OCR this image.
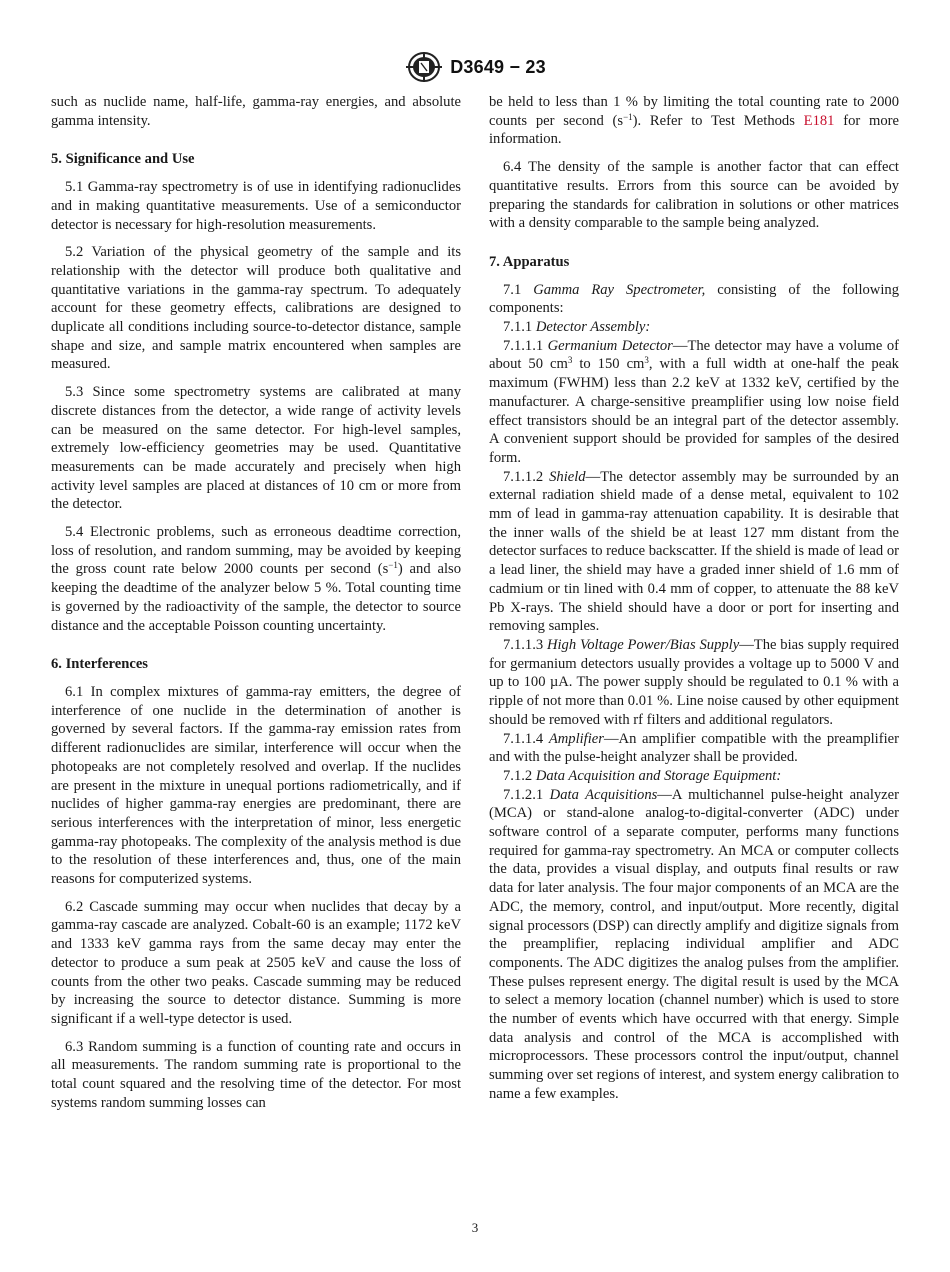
D3649 − 23

such as nuclide name, half-life, gamma-ray energies, and absolute gamma intensity.

5. Significance and Use

5.1 Gamma-ray spectrometry is of use in identifying radionuclides and in making quantitative measurements. Use of a semiconductor detector is necessary for high-resolution measurements.

5.2 Variation of the physical geometry of the sample and its relationship with the detector will produce both qualitative and quantitative variations in the gamma-ray spectrum. To adequately account for these geometry effects, calibrations are designed to duplicate all conditions including source-to-detector distance, sample shape and size, and sample matrix encountered when samples are measured.

5.3 Since some spectrometry systems are calibrated at many discrete distances from the detector, a wide range of activity levels can be measured on the same detector. For high-level samples, extremely low-efficiency geometries may be used. Quantitative measurements can be made accurately and precisely when high activity level samples are placed at distances of 10 cm or more from the detector.

5.4 Electronic problems, such as erroneous deadtime correction, loss of resolution, and random summing, may be avoided by keeping the gross count rate below 2000 counts per second $(s^{-1})$ and also keeping the deadtime of the analyzer below 5 %. Total counting time is governed by the radioactivity of the sample, the detector to source distance and the acceptable Poisson counting uncertainty.

6. Interferences

6.1 In complex mixtures of gamma-ray emitters, the degree of interference of one nuclide in the determination of another is governed by several factors. If the gamma-ray emission rates from different radionuclides are similar, interference will occur when the photopeaks are not completely resolved and overlap. If the nuclides are present in the mixture in unequal portions radiometrically, and if nuclides of higher gamma-ray energies are predominant, there are serious interferences with the interpretation of minor, less energetic gamma-ray photopeaks. The complexity of the analysis method is due to the resolution of these interferences and, thus, one of the main reasons for computerized systems.

6.2 Cascade summing may occur when nuclides that decay by a gamma-ray cascade are analyzed. Cobalt-60 is an example; 1172 keV and 1333 keV gamma rays from the same decay may enter the detector to produce a sum peak at 2505 keV and cause the loss of counts from the other two peaks. Cascade summing may be reduced by increasing the source to detector distance. Summing is more significant if a well-type detector is used.

6.3 Random summing is a function of counting rate and occurs in all measurements. The random summing rate is proportional to the total count squared and the resolving time of the detector. For most systems random summing losses can

be held to less than 1 % by limiting the total counting rate to 2000 counts per second $(s^{-1})$. Refer to Test Methods E181 for more information.

6.4 The density of the sample is another factor that can effect quantitative results. Errors from this source can be avoided by preparing the standards for calibration in solutions or other matrices with a density comparable to the sample being analyzed.

7. Apparatus

7.1 Gamma Ray Spectrometer, consisting of the following components:

7.1.1 Detector Assembly:

7.1.1.1 Germanium Detector—The detector may have a volume of about 50 $cm^3$ to 150 $cm^3$, with a full width at one-half the peak maximum (FWHM) less than 2.2 keV at 1332 keV, certified by the manufacturer. A charge-sensitive preamplifier using low noise field effect transistors should be an integral part of the detector assembly. A convenient support should be provided for samples of the desired form.

7.1.1.2 Shield—The detector assembly may be surrounded by an external radiation shield made of a dense metal, equivalent to 102 mm of lead in gamma-ray attenuation capability. It is desirable that the inner walls of the shield be at least 127 mm distant from the detector surfaces to reduce backscatter. If the shield is made of lead or a lead liner, the shield may have a graded inner shield of 1.6 mm of cadmium or tin lined with 0.4 mm of copper, to attenuate the 88 keV Pb X-rays. The shield should have a door or port for inserting and removing samples.

7.1.1.3 High Voltage Power/Bias Supply—The bias supply required for germanium detectors usually provides a voltage up to 5000 V and up to 100 µA. The power supply should be regulated to 0.1 % with a ripple of not more than 0.01 %. Line noise caused by other equipment should be removed with rf filters and additional regulators.

7.1.1.4 Amplifier—An amplifier compatible with the preamplifier and with the pulse-height analyzer shall be provided.

7.1.2 Data Acquisition and Storage Equipment:

7.1.2.1 Data Acquisitions—A multichannel pulse-height analyzer (MCA) or stand-alone analog-to-digital-converter (ADC) under software control of a separate computer, performs many functions required for gamma-ray spectrometry. An MCA or computer collects the data, provides a visual display, and outputs final results or raw data for later analysis. The four major components of an MCA are the ADC, the memory, control, and input/output. More recently, digital signal processors (DSP) can directly amplify and digitize signals from the preamplifier, replacing individual amplifier and ADC components. The ADC digitizes the analog pulses from the amplifier. These pulses represent energy. The digital result is used by the MCA to select a memory location (channel number) which is used to store the number of events which have occurred with that energy. Simple data analysis and control of the MCA is accomplished with microprocessors. These processors control the input/output, channel summing over set regions of interest, and system energy calibration to name a few examples.

3
